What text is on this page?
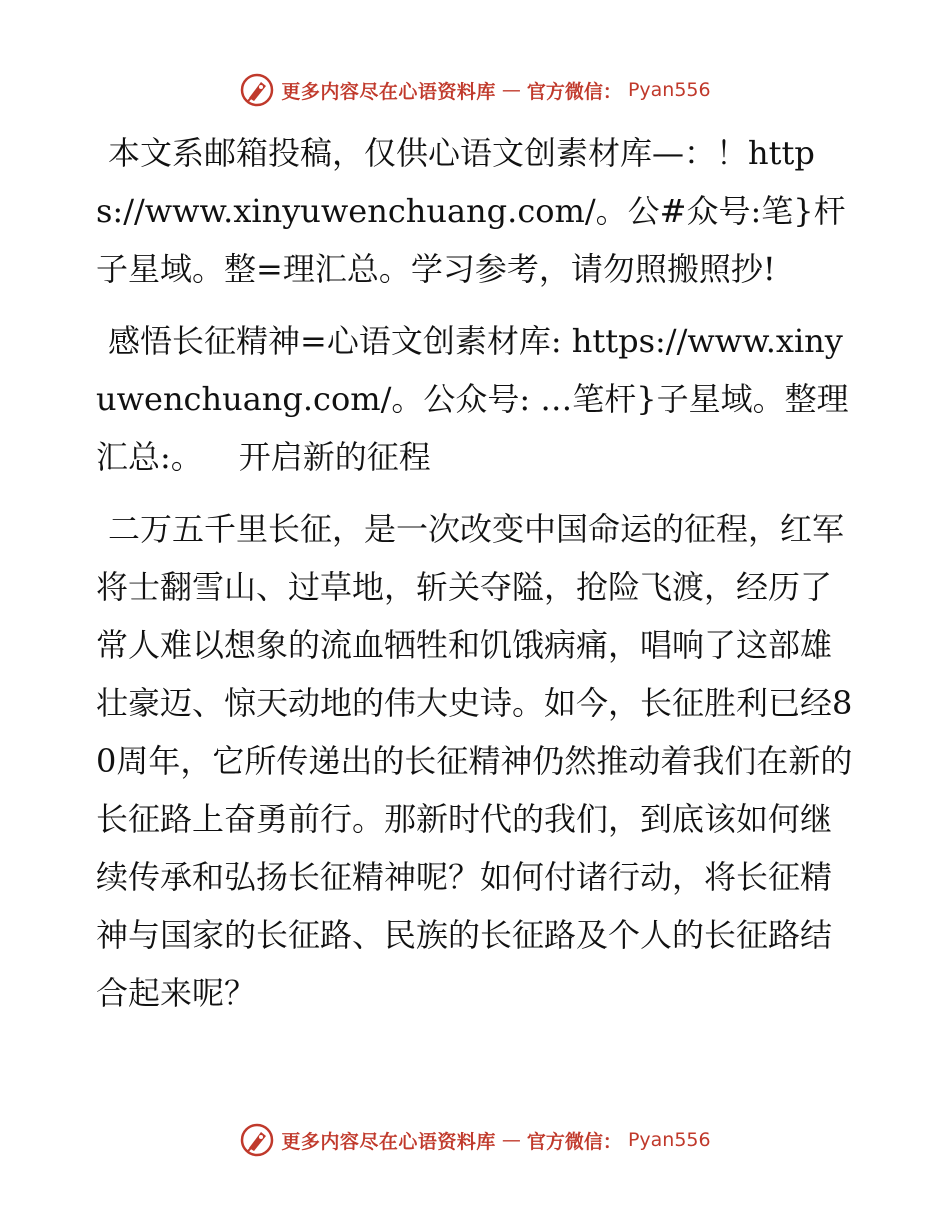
更多内容尽在心语资料库 — 官方微信： Pyan556

本文系邮箱投稿，仅供心语文创素材库—：！https://www.xinyuwenchuang.com/。公#众号:笔}杆子星域。整=理汇总。学习参考，请勿照搬照抄!

感悟长征精神=心语文创素材库: https://www.xinyuwenchuang.com/。公众号: …笔杆}子星域。整理汇总:。 开启新的征程

二万五千里长征，是一次改变中国命运的征程，红军将士翻雪山、过草地，斩关夺隘，抢险飞渡，经历了常人难以想象的流血牺牲和饥饿病痛，唱响了这部雄壮豪迈、惊天动地的伟大史诗。如今，长征胜利已经80周年，它所传递出的长征精神仍然推动着我们在新的长征路上奋勇前行。那新时代的我们，到底该如何继续传承和弘扬长征精神呢？如何付诸行动，将长征精神与国家的长征路、民族的长征路及个人的长征路结合起来呢？

更多内容尽在心语资料库 — 官方微信： Pyan556
